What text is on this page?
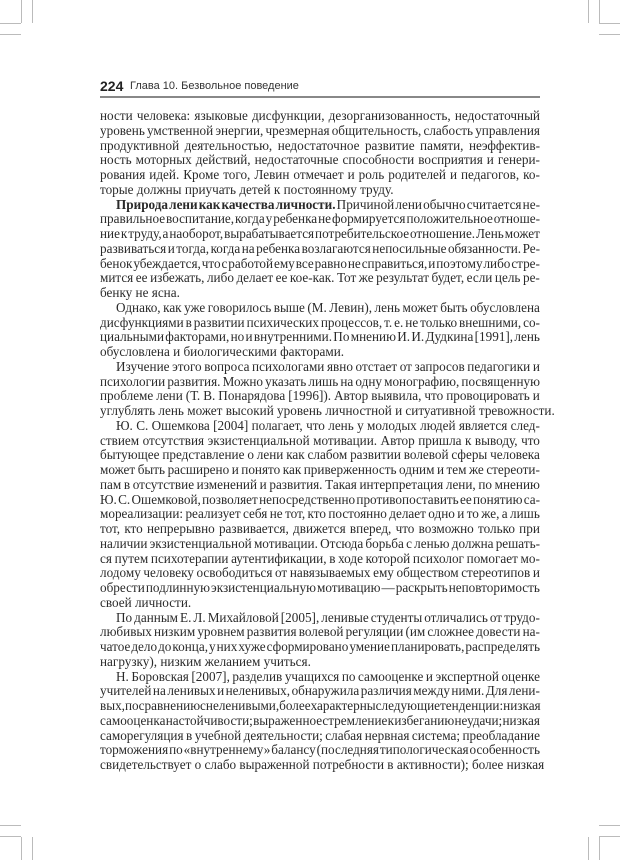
224 Глава 10. Безвольное поведение
ности человека: языковые дисфункции, дезорганизованность, недостаточный
уровень умственной энергии, чрезмерная общительность, слабость управления
продуктивной деятельностью, недостаточное развитие памяти, неэффектив-
ность моторных действий, недостаточные способности восприятия и генери-
рования идей. Кроме того, Левин отмечает и роль родителей и педагогов, ко-
торые должны приучать детей к постоянному труду.
Природа лени как качества личности. Причиной лени обычно считается не-
правильное воспитание, когда у ребенка не формируется положительное отноше-
ние к труду, а наоборот, вырабатывается потребительское отношение. Лень может
развиваться и тогда, когда на ребенка возлагаются непосильные обязанности. Ре-
бенок убеждается, что с работой ему все равно не справиться, и поэтому либо стре-
мится ее избежать, либо делает ее кое-как. Тот же результат будет, если цель ре-
бенку не ясна.
Однако, как уже говорилось выше (М. Левин), лень может быть обусловлена
дисфункциями в развитии психических процессов, т. е. не только внешними, со-
циальными факторами, но и внутренними. По мнению И. И. Дудкина [1991], лень
обусловлена и биологическими факторами.
Изучение этого вопроса психологами явно отстает от запросов педагогики и
психологии развития. Можно указать лишь на одну монографию, посвященную
проблеме лени (Т. В. Понарядова [1996]). Автор выявила, что провоцировать и
углублять лень может высокий уровень личностной и ситуативной тревожности.
Ю. С. Ошемкова [2004] полагает, что лень у молодых людей является след-
ствием отсутствия экзистенциальной мотивации. Автор пришла к выводу, что
бытующее представление о лени как слабом развитии волевой сферы человека
может быть расширено и понято как приверженность одним и тем же стереоти-
пам в отсутствие изменений и развития. Такая интерпретация лени, по мнению
Ю. С. Ошемковой, позволяет непосредственно противопоставить ее понятию са-
мореализации: реализует себя не тот, кто постоянно делает одно и то же, а лишь
тот, кто непрерывно развивается, движется вперед, что возможно только при
наличии экзистенциальной мотивации. Отсюда борьба с ленью должна решать-
ся путем психотерапии аутентификации, в ходе которой психолог помогает мо-
лодому человеку освободиться от навязываемых ему обществом стереотипов и
обрести подлинную экзистенциальную мотивацию — раскрыть неповторимость
своей личности.
По данным Е. Л. Михайловой [2005], ленивые студенты отличались от трудо-
любивых низким уровнем развития волевой регуляции (им сложнее довести на-
чатое дело до конца, у них хуже сформировано умение планировать, распределять
нагрузку), низким желанием учиться.
Н. Боровская [2007], разделив учащихся по самооценке и экспертной оценке
учителей на ленивых и неленивых, обнаружила различия между ними. Для лени-
вых, по сравнению с неленивыми, более характерны следующие тенденции: низкая
самооценка настойчивости; выраженное стремление к избеганию неудачи; низкая
саморегуляция в учебной деятельности; слабая нервная система; преобладание
торможения по «внутреннему» балансу (последняя типологическая особенность
свидетельствует о слабо выраженной потребности в активности); более низкая
